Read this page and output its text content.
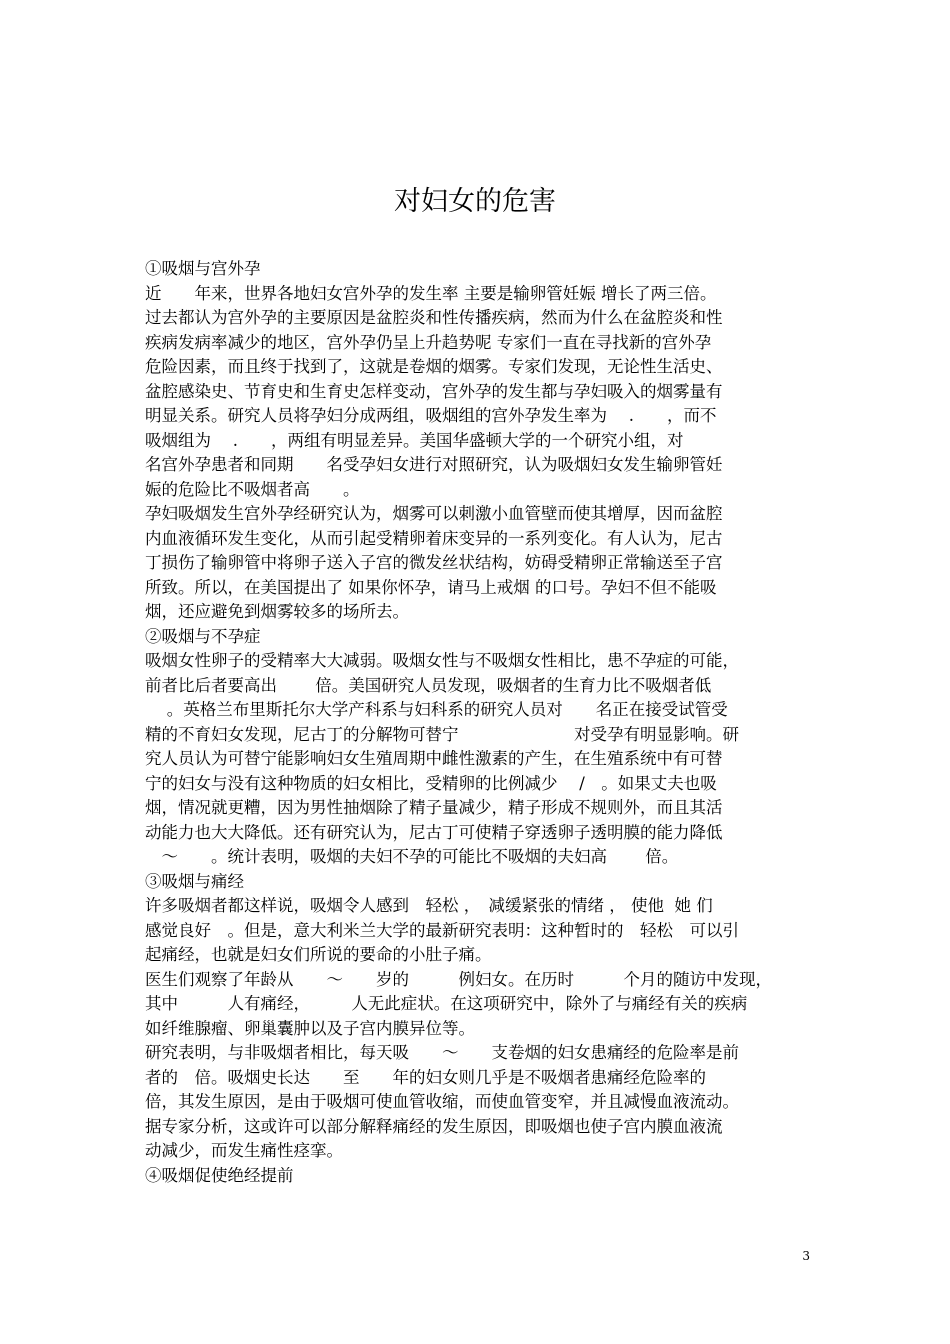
对妇女的危害
①吸烟与宫外孕
近　　年来，世界各地妇女宫外孕的发生率 主要是输卵管妊娠 增长了两三倍。
过去都认为宫外孕的主要原因是盆腔炎和性传播疾病，然而为什么在盆腔炎和性
疾病发病率减少的地区，宫外孕仍呈上升趋势呢 专家们一直在寻找新的宫外孕
危险因素，而且终于找到了，这就是卷烟的烟雾。专家们发现，无论性生活史、
盆腔感染史、节育史和生育史怎样变动，宫外孕的发生都与孕妇吸入的烟雾量有
明显关系。研究人员将孕妇分成两组，吸烟组的宫外孕发生率为　 .　　，而不
吸烟组为　 .　　，两组有明显差异。美国华盛顿大学的一个研究小组，对
名宫外孕患者和同期　　名受孕妇女进行对照研究，认为吸烟妇女发生输卵管妊
娠的危险比不吸烟者高　　。
孕妇吸烟发生宫外孕经研究认为，烟雾可以刺激小血管壁而使其增厚，因而盆腔
内血液循环发生变化，从而引起受精卵着床变异的一系列变化。有人认为，尼古
丁损伤了输卵管中将卵子送入子宫的微发丝状结构，妨碍受精卵正常输送至子宫
所致。所以，在美国提出了 如果你怀孕，请马上戒烟 的口号。孕妇不但不能吸
烟，还应避免到烟雾较多的场所去。
②吸烟与不孕症
吸烟女性卵子的受精率大大减弱。吸烟女性与不吸烟女性相比，患不孕症的可能，
前者比后者要高出　　 倍。美国研究人员发现，吸烟者的生育力比不吸烟者低
　 。英格兰布里斯托尔大学产科系与妇科系的研究人员对　　名正在接受试管受
精的不育妇女发现，尼古丁的分解物可替宁　　　　　　　对受孕有明显影响。研
究人员认为可替宁能影响妇女生殖周期中雌性激素的产生，在生殖系统中有可替
宁的妇女与没有这种物质的妇女相比，受精卵的比例减少　 /　。如果丈夫也吸
烟，情况就更糟，因为男性抽烟除了精子量减少，精子形成不规则外，而且其活
动能力也大大降低。还有研究认为，尼古丁可使精子穿透卵子透明膜的能力降低
　～　　。统计表明，吸烟的夫妇不孕的可能比不吸烟的夫妇高　　 倍。
③吸烟与痛经
许多吸烟者都这样说，吸烟令人感到　轻松 ，　减缓紧张的情绪 ， 使他  她 们
感觉良好　。但是，意大利米兰大学的最新研究表明：这种暂时的　轻松　可以引
起痛经，也就是妇女们所说的要命的小肚子痛。
医生们观察了年龄从　　～　　岁的　　　例妇女。在历时　　　个月的随访中发现，
其中　　　人有痛经，　　　人无此症状。在这项研究中，除外了与痛经有关的疾病
如纤维腺瘤、卵巢囊肿以及子宫内膜异位等。
研究表明，与非吸烟者相比，每天吸　　～　　支卷烟的妇女患痛经的危险率是前
者的　倍。吸烟史长达　　至　　年的妇女则几乎是不吸烟者患痛经危险率的
倍，其发生原因，是由于吸烟可使血管收缩，而使血管变窄，并且减慢血液流动。
据专家分析，这或许可以部分解释痛经的发生原因，即吸烟也使子宫内膜血液流
动减少，而发生痛性痉挛。
④吸烟促使绝经提前
3
